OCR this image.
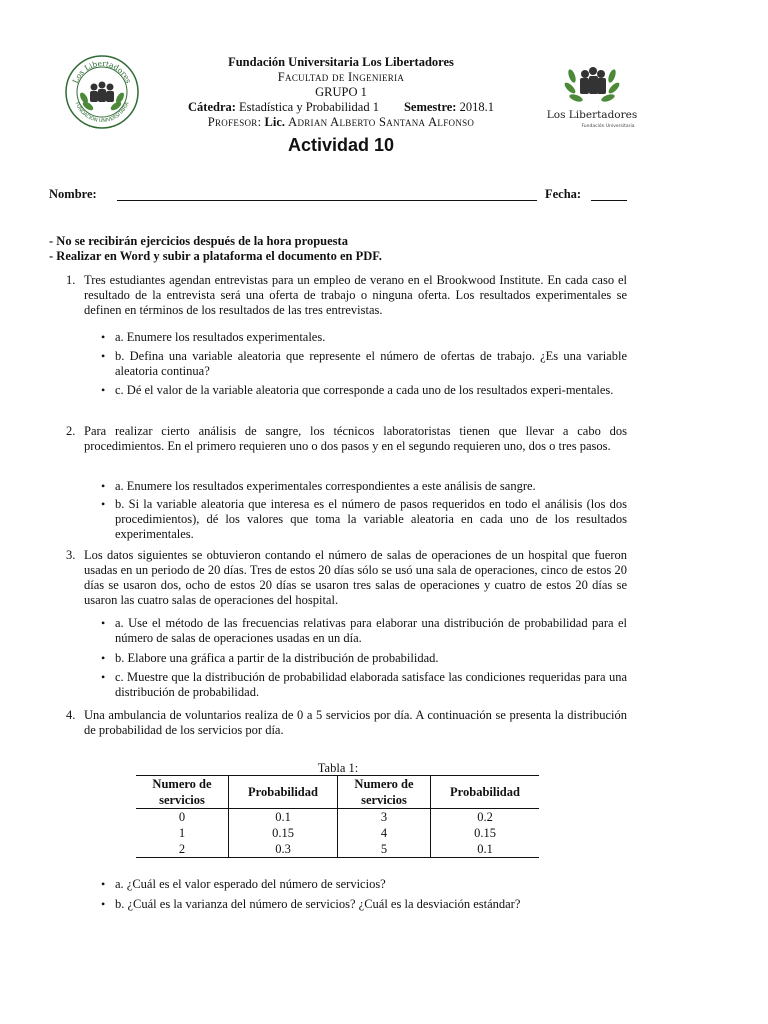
Los Libertadores
FUNDACIÓN UNIVERSITARIA
Fundación Universitaria Los Libertadores
Facultad de Ingenieria
GRUPO 1
Cátedra: Estadística y Probabilidad 1 Semestre: 2018.1
Profesor: Lic. Adrian Alberto Santana Alfonso	Los Libertadores
Fundación Universitaria
Actividad 10
Nombre:	Fecha:
- No se recibirán ejercicios después de la hora propuesta
- Realizar en Word y subir a plataforma el documento en PDF.
1. Tres estudiantes agendan entrevistas para un empleo de verano en el Brookwood Institute. En cada caso el resultado de la entrevista será una oferta de trabajo o ninguna oferta. Los resultados experimentales se definen en términos de los resultados de las tres entrevistas.
• a. Enumere los resultados experimentales.
• b. Defina una variable aleatoria que represente el número de ofertas de trabajo. ¿Es una variable aleatoria continua?
• c. Dé el valor de la variable aleatoria que corresponde a cada uno de los resultados experi-mentales.
2. Para realizar cierto análisis de sangre, los técnicos laboratoristas tienen que llevar a cabo dos procedimientos. En el primero requieren uno o dos pasos y en el segundo requieren uno, dos o tres pasos.
• a. Enumere los resultados experimentales correspondientes a este análisis de sangre.
• b. Si la variable aleatoria que interesa es el número de pasos requeridos en todo el análisis (los dos procedimientos), dé los valores que toma la variable aleatoria en cada uno de los resultados experimentales.
3. Los datos siguientes se obtuvieron contando el número de salas de operaciones de un hospital que fueron usadas en un periodo de 20 días. Tres de estos 20 días sólo se usó una sala de operaciones, cinco de estos 20 días se usaron dos, ocho de estos 20 días se usaron tres salas de operaciones y cuatro de estos 20 días se usaron las cuatro salas de operaciones del hospital.
• a. Use el método de las frecuencias relativas para elaborar una distribución de probabilidad para el número de salas de operaciones usadas en un día.
• b. Elabore una gráfica a partir de la distribución de probabilidad.
• c. Muestre que la distribución de probabilidad elaborada satisface las condiciones requeridas para una distribución de probabilidad.
4. Una ambulancia de voluntarios realiza de 0 a 5 servicios por día. A continuación se presenta la distribución de probabilidad de los servicios por día.
Tabla 1:
Numero de servicios	Probabilidad	Numero de servicios	Probabilidad
0	0.1	3	0.2
1	0.15	4	0.15
2	0.3	5	0.1
• a. ¿Cuál es el valor esperado del número de servicios?
• b. ¿Cuál es la varianza del número de servicios? ¿Cuál es la desviación estándar?
